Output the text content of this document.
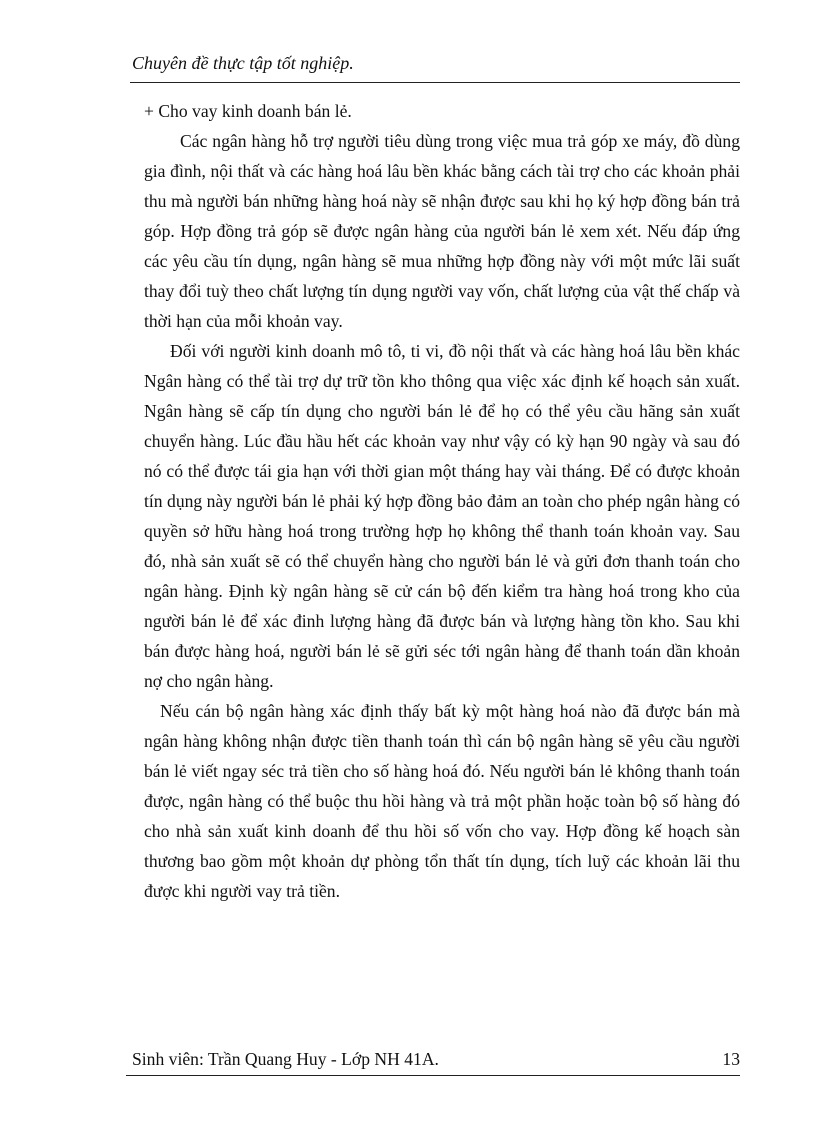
Chuyên đề thực tập tốt nghiệp.

+ Cho vay kinh doanh bán lẻ.

Các ngân hàng hỗ trợ người tiêu dùng trong việc mua trả góp xe máy, đồ dùng gia đình, nội thất và các hàng hoá lâu bền khác bằng cách tài trợ cho các khoản phải thu mà người bán những hàng hoá này sẽ nhận được sau khi họ ký hợp đồng bán trả góp. Hợp đồng trả góp sẽ được ngân hàng của người bán lẻ xem xét. Nếu đáp ứng các yêu cầu tín dụng, ngân hàng sẽ mua những hợp đồng này với một mức lãi suất thay đổi tuỳ theo chất lượng tín dụng người vay vốn, chất lượng của vật thế chấp và thời hạn của mỗi khoản vay.

Đối với người kinh doanh mô tô, ti vi, đồ nội thất và các hàng hoá lâu bền khác Ngân hàng có thể tài trợ dự trữ tồn kho thông qua việc xác định kế hoạch sản xuất. Ngân hàng sẽ cấp tín dụng cho người bán lẻ để họ có thể yêu cầu hãng sản xuất chuyển hàng. Lúc đầu hầu hết các khoản vay như vậy có kỳ hạn 90 ngày và sau đó nó có thể được tái gia hạn với thời gian một tháng hay vài tháng. Để có được khoản tín dụng này người bán lẻ phải ký hợp đồng bảo đảm an toàn cho phép ngân hàng có quyền sở hữu hàng hoá trong trường hợp họ không thể thanh toán khoản vay. Sau đó, nhà sản xuất sẽ có thể chuyển hàng cho người bán lẻ và gửi đơn thanh toán cho ngân hàng. Định kỳ ngân hàng sẽ cử cán bộ đến kiểm tra hàng hoá trong kho của người bán lẻ để xác đinh lượng hàng đã được bán và lượng hàng tồn kho. Sau khi bán được hàng hoá, người bán lẻ sẽ gửi séc tới ngân hàng để thanh toán dần khoản nợ cho ngân hàng.

Nếu cán bộ ngân hàng xác định thấy bất kỳ một hàng hoá nào đã được bán mà ngân hàng không nhận được tiền thanh toán thì cán bộ ngân hàng sẽ yêu cầu người bán lẻ viết ngay séc trả tiền cho số hàng hoá đó. Nếu người bán lẻ không thanh toán được, ngân hàng có thể buộc thu hồi hàng và trả một phần hoặc toàn bộ số hàng đó cho nhà sản xuất kinh doanh để thu hồi số vốn cho vay. Hợp đồng kế hoạch sàn thương bao gồm một khoản dự phòng tổn thất tín dụng, tích luỹ các khoản lãi thu được khi người vay trả tiền.

Sinh viên: Trần Quang Huy - Lớp NH 41A.	13
